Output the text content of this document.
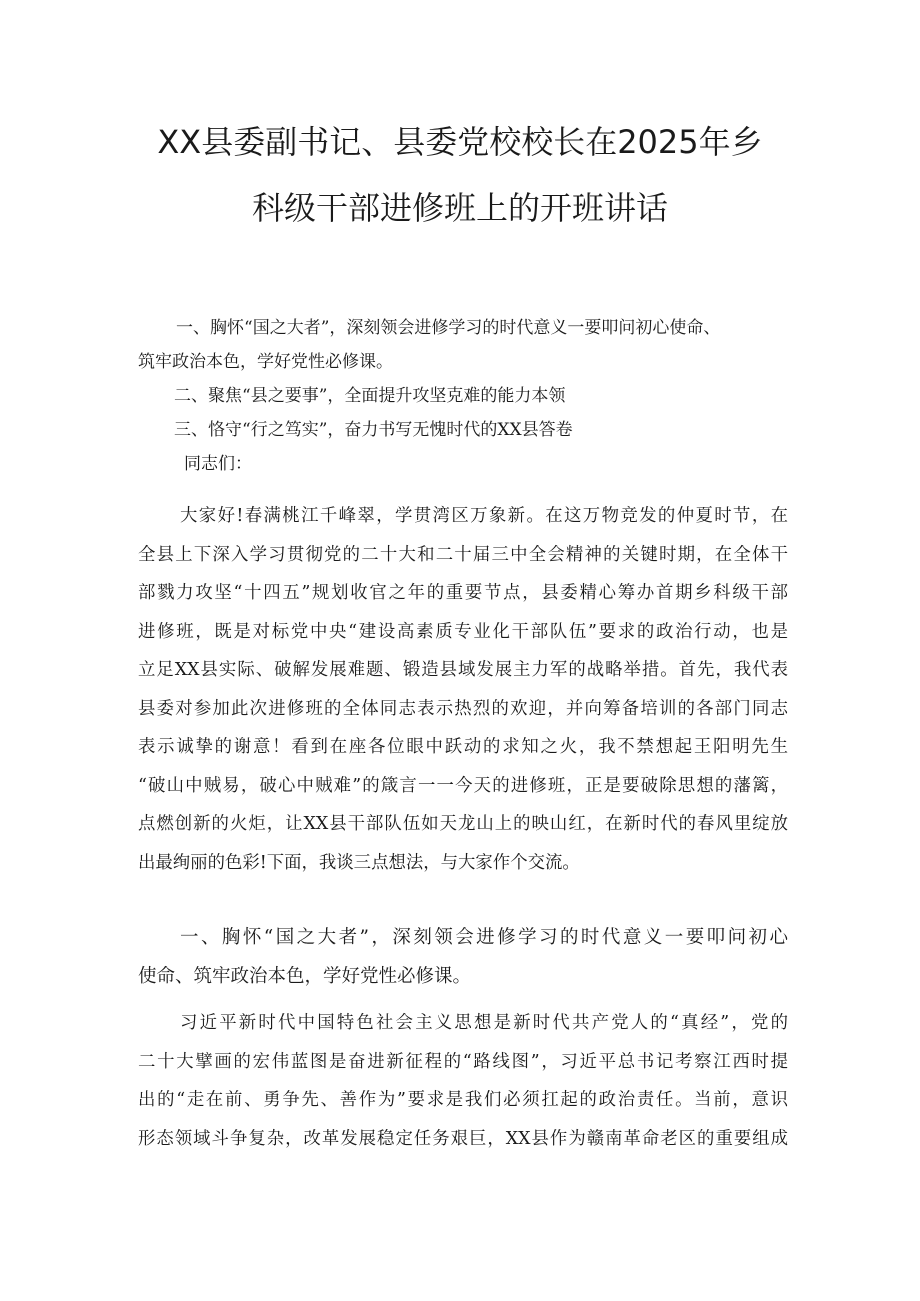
XX县委副书记、县委党校校长在2025年乡
科级干部进修班上的开班讲话

一、胸怀“国之大者”，深刻领会进修学习的时代意义一要叩问初心使命、

筑牢政治本色，学好党性必修课。

二、聚焦“县之要事”，全面提升攻坚克难的能力本领

三、恪守“行之笃实”，奋力书写无愧时代的XX县答卷

同志们：

大家好!春满桃江千峰翠，学贯湾区万象新。在这万物竞发的仲夏时节，在
全县上下深入学习贯彻党的二十大和二十届三中全会精神的关键时期，在全体干
部戮力攻坚“十四五”规划收官之年的重要节点，县委精心筹办首期乡科级干部
进修班，既是对标党中央“建设高素质专业化干部队伍”要求的政治行动，也是
立足XX县实际、破解发展难题、锻造县域发展主力军的战略举措。首先，我代表
县委对参加此次进修班的全体同志表示热烈的欢迎，并向筹备培训的各部门同志
表示诚挚的谢意！看到在座各位眼中跃动的求知之火，我不禁想起王阳明先生
“破山中贼易，破心中贼难”的箴言一一今天的进修班，正是要破除思想的藩篱，
点燃创新的火炬，让XX县干部队伍如天龙山上的映山红，在新时代的春风里绽放
出最绚丽的色彩!下面，我谈三点想法，与大家作个交流。
一、胸怀“国之大者”，深刻领会进修学习的时代意义一要叩问初心
使命、筑牢政治本色，学好党性必修课。
习近平新时代中国特色社会主义思想是新时代共产党人的“真经”，党的
二十大擘画的宏伟蓝图是奋进新征程的“路线图”，习近平总书记考察江西时提
出的“走在前、勇争先、善作为”要求是我们必须扛起的政治责任。当前，意识
形态领域斗争复杂，改革发展稳定任务艰巨，XX县作为赣南革命老区的重要组成
